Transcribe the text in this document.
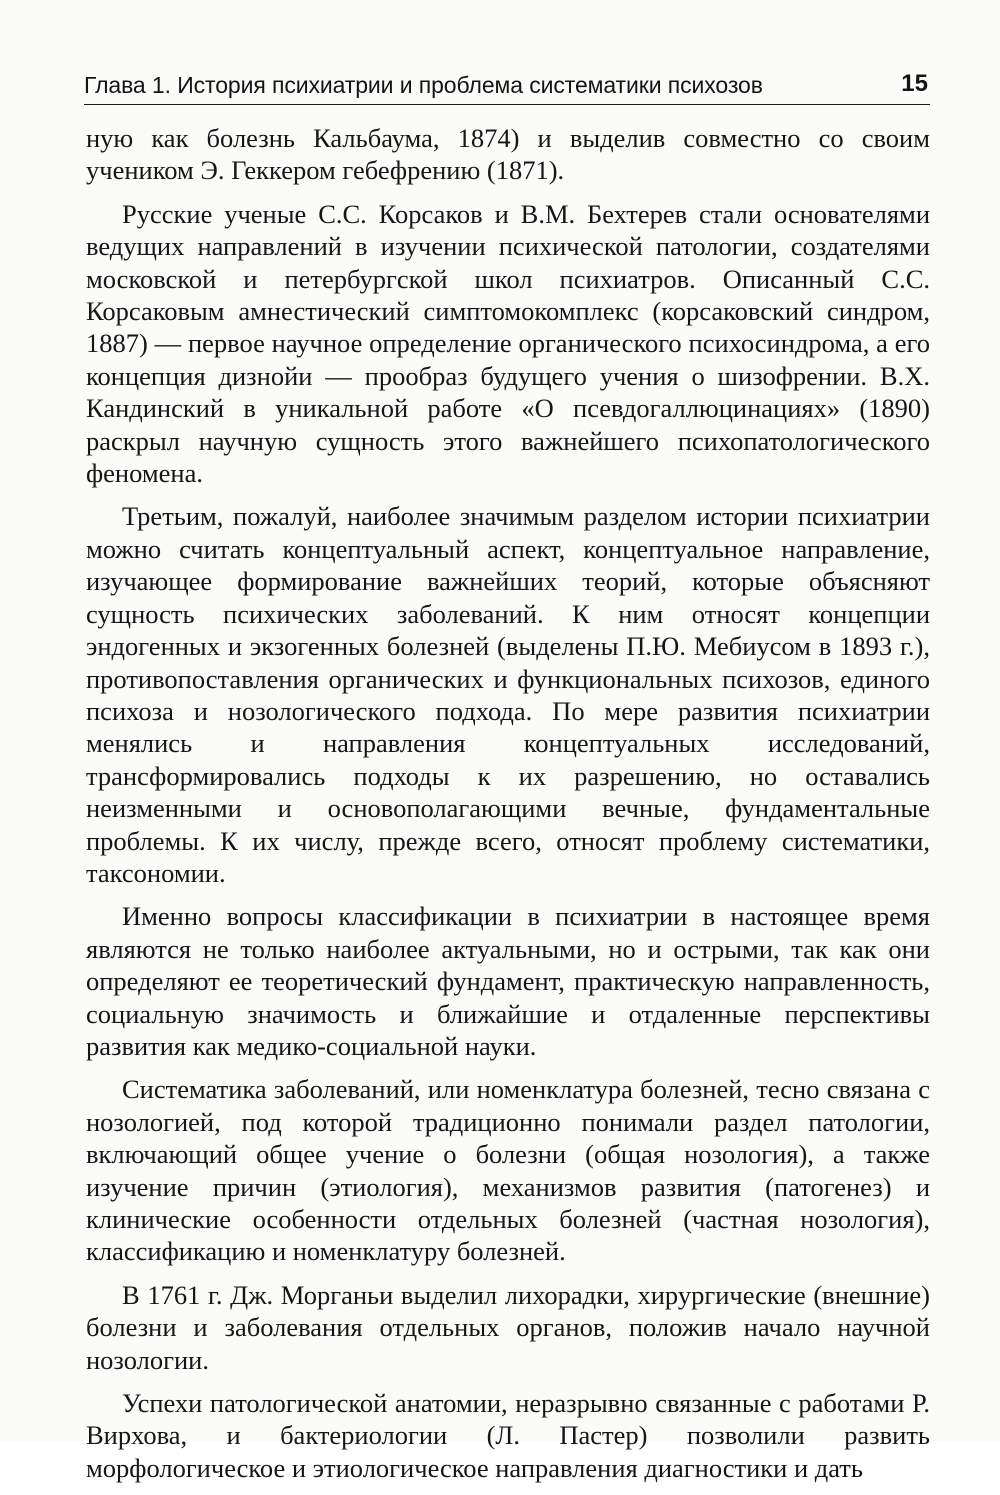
Глава 1. История психиатрии и проблема систематики психозов	15

ную как болезнь Кальбаума, 1874) и выделив совместно со своим учеником Э. Геккером гебефрению (1871).

Русские ученые С.С. Корсаков и В.М. Бехтерев стали основателями ведущих направлений в изучении психической патологии, создателями московской и петербургской школ психиатров. Описанный С.С. Корсаковым амнестический симптомокомплекс (корсаковский синдром, 1887) — первое научное определение органического психосиндрома, а его концепция дизнойи — прообраз будущего учения о шизофрении. В.Х. Кандинский в уникальной работе «О псевдогаллюцинациях» (1890) раскрыл научную сущность этого важнейшего психопатологического феномена.

Третьим, пожалуй, наиболее значимым разделом истории психиатрии можно считать концептуальный аспект, концептуальное направление, изучающее формирование важнейших теорий, которые объясняют сущность психических заболеваний. К ним относят концепции эндогенных и экзогенных болезней (выделены П.Ю. Мебиусом в 1893 г.), противопоставления органических и функциональных психозов, единого психоза и нозологического подхода. По мере развития психиатрии менялись и направления концептуальных исследований, трансформировались подходы к их разрешению, но оставались неизменными и основополагающими вечные, фундаментальные проблемы. К их числу, прежде всего, относят проблему систематики, таксономии.

Именно вопросы классификации в психиатрии в настоящее время являются не только наиболее актуальными, но и острыми, так как они определяют ее теоретический фундамент, практическую направленность, социальную значимость и ближайшие и отдаленные перспективы развития как медико-социальной науки.

Систематика заболеваний, или номенклатура болезней, тесно связана с нозологией, под которой традиционно понимали раздел патологии, включающий общее учение о болезни (общая нозология), а также изучение причин (этиология), механизмов развития (патогенез) и клинические особенности отдельных болезней (частная нозология), классификацию и номенклатуру болезней.

В 1761 г. Дж. Морганьи выделил лихорадки, хирургические (внешние) болезни и заболевания отдельных органов, положив начало научной нозологии.

Успехи патологической анатомии, неразрывно связанные с работами Р. Вирхова, и бактериологии (Л. Пастер) позволили развить морфологическое и этиологическое направления диагностики и дать
